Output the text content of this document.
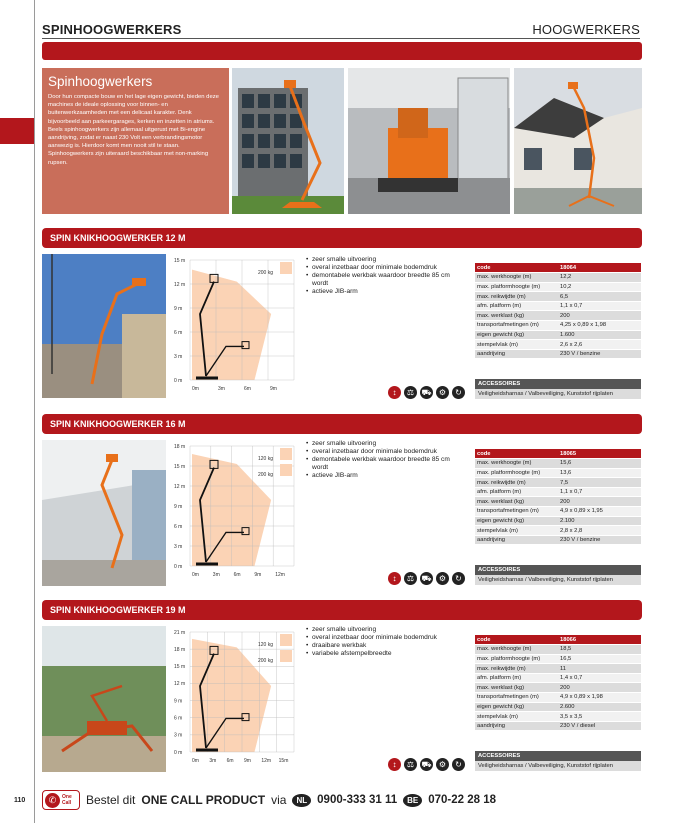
SPINHOOGWERKERS	HOOGWERKERS
Spinhoogwerkers

Door hun compacte bouw en het lage eigen gewicht, bieden deze machines de ideale oplossing voor binnen- en buitenwerkzaamheden met een delicaat karakter. Denk bijvoorbeeld aan parkeergarages, kerken en inzetten in atriums. Beels spinhoogwerkers zijn allemaal uitgerust met Bi-engine aandrijving, zodat er naast 230 Volt een verbrandingsmotor aanwezig is. Hierdoor komt men nooit stil te staan. Spinhoogwerkers zijn uiteraard beschikbaar met non-marking rupsen.

SPIN KNIKHOOGWERKER 12 M
15 m
12 m
9 m
6 m
3 m
0 m
0m	3m	6m	9m
200 kg
• zeer smalle uitvoering
• overal inzetbaar door minimale bodemdruk
• demontabele werkbak waardoor breedte 85 cm wordt
• actieve JIB-arm
↕	⚖ ⛟ ⚙	↻
code	18064
max. werkhoogte (m)	12,2
max. platformhoogte (m)	10,2
max. reikwijdte (m)	6,5
afm. platform (m)	1,1 x 0,7
max. werklast (kg)	200
transportafmetingen (m)	4,25 x 0,89 x 1,98
eigen gewicht (kg)	1.600
stempelvlak (m)	2,6 x 2,6
aandrijving	230 V / benzine
ACCESSOIRES
Veiligheidsharnas / Valbeveiliging, Kunststof rijplaten
SPIN KNIKHOOGWERKER 16 M
18 m
15 m
12 m
9 m
6 m
3 m
0 m
0m	3m	6m	9m	12m
120 kg
200 kg
• zeer smalle uitvoering
• overal inzetbaar door minimale bodemdruk
• demontabele werkbak waardoor breedte 85 cm wordt
• actieve JIB-arm
↕	⚖ ⛟ ⚙	↻
code	18065
max. werkhoogte (m)	15,6
max. platformhoogte (m)	13,6
max. reikwijdte (m)	7,5
afm. platform (m)	1,1 x 0,7
max. werklast (kg)	200
transportafmetingen (m)	4,9 x 0,89 x 1,95
eigen gewicht (kg)	2.100
stempelvlak (m)	2,8 x 2,8
aandrijving	230 V / benzine
ACCESSOIRES
Veiligheidsharnas / Valbeveiliging, Kunststof rijplaten
SPIN KNIKHOOGWERKER 19 M
21 m
18 m
15 m
12 m
9 m
6 m
3 m
0 m
0m 3m 6m 9m 12m 15m
120 kg
200 kg
• zeer smalle uitvoering
• overal inzetbaar door minimale bodemdruk
• draaibare werkbak
• variabele afstempelbreedte
↕	⚖ ⛟ ⚙	↻
code	18066
max. werkhoogte (m)	18,5
max. platformhoogte (m)	16,5
max. reikwijdte (m)	11
afm. platform (m)	1,4 x 0,7
max. werklast (kg)	200
transportafmetingen (m)	4,9 x 0,89 x 1,98
eigen gewicht (kg)	2.600
stempelvlak (m)	3,5 x 3,5
aandrijving	230 V / diesel
ACCESSOIRES
Veiligheidsharnas / Valbeveiliging, Kunststof rijplaten
110	✆	One
Call Bestel dit ONE CALL PRODUCT via	NL 0900-333 31 11	BE 070-22 28 18
